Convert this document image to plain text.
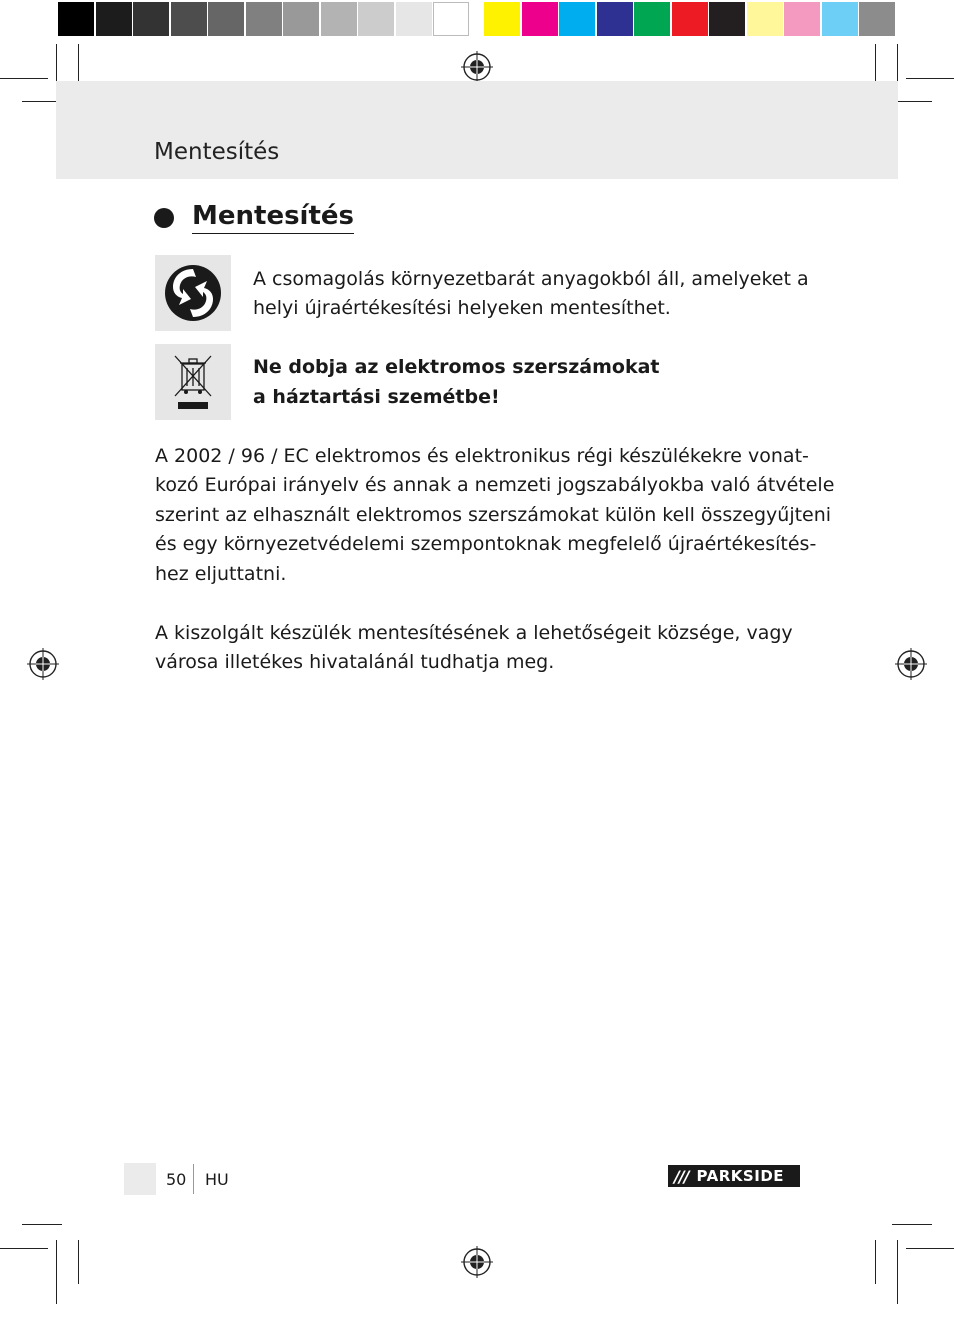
Mentesítés
Mentesítés

A csomagolás környezetbarát anyagokból áll, amelyeket a

helyi újraértékesítési helyeken mentesíthet.

Ne dobja az elektromos szerszámokat

a háztartási szemétbe!

A 2002 / 96 / EC elektromos és elektronikus régi készülékekre vonat-

kozó Európai irányelv és annak a nemzeti jogszabályokba való átvétele

szerint az elhasznált elektromos szerszámokat külön kell összegyűjteni

és egy környezetvédelemi szempontoknak megfelelő újraértékesítés-

hez eljuttatni.

A kiszolgált készülék mentesítésének a lehetőségeit községe, vagy

városa illetékes hivatalánál tudhatja meg.

50 HU	/// PARKSIDE
